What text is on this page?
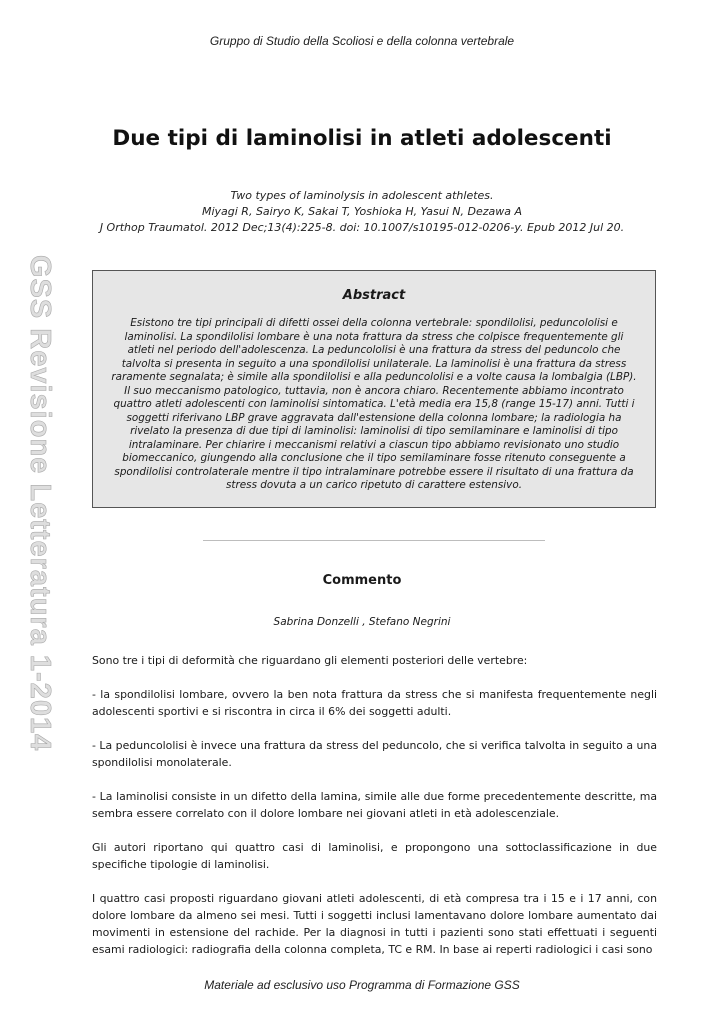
Gruppo di Studio della Scoliosi e della colonna vertebrale
Due tipi di laminolisi in atleti adolescenti
Two types of laminolysis in adolescent athletes.
Miyagi R, Sairyo K, Sakai T, Yoshioka H, Yasui N, Dezawa A
J Orthop Traumatol. 2012 Dec;13(4):225-8. doi: 10.1007/s10195-012-0206-y. Epub 2012 Jul 20.
GSS Revisione Letteratura 1-2014	Abstract
Esistono tre tipi principali di difetti ossei della colonna vertebrale: spondilolisi, peduncololisi e laminolisi. La spondilolisi lombare è una nota frattura da stress che colpisce frequentemente gli atleti nel periodo dell'adolescenza. La peduncololisi è una frattura da stress del peduncolo che talvolta si presenta in seguito a una spondilolisi unilaterale. La laminolisi è una frattura da stress raramente segnalata; è simile alla spondilolisi e alla peduncololisi e a volte causa la lombalgia (LBP). Il suo meccanismo patologico, tuttavia, non è ancora chiaro. Recentemente abbiamo incontrato quattro atleti adolescenti con laminolisi sintomatica. L'età media era 15,8 (range 15-17) anni. Tutti i soggetti riferivano LBP grave aggravata dall'estensione della colonna lombare; la radiologia ha rivelato la presenza di due tipi di laminolisi: laminolisi di tipo semilaminare e laminolisi di tipo intralaminare. Per chiarire i meccanismi relativi a ciascun tipo abbiamo revisionato uno studio biomeccanico, giungendo alla conclusione che il tipo semilaminare fosse ritenuto conseguente a spondilolisi controlaterale mentre il tipo intralaminare potrebbe essere il risultato di una frattura da stress dovuta a un carico ripetuto di carattere estensivo.
Commento
Sabrina Donzelli , Stefano Negrini

Sono tre i tipi di deformità che riguardano gli elementi posteriori delle vertebre:

- la spondilolisi lombare, ovvero la ben nota frattura da stress che si manifesta frequentemente negli adolescenti sportivi e si riscontra in circa il 6% dei soggetti adulti.

- La peduncololisi è invece una frattura da stress del peduncolo, che si verifica talvolta in seguito a una spondilolisi monolaterale.

- La laminolisi consiste in un difetto della lamina, simile alle due forme precedentemente descritte, ma sembra essere correlato con il dolore lombare nei giovani atleti in età adolescenziale.

Gli autori riportano qui quattro casi di laminolisi, e propongono una sottoclassificazione in due specifiche tipologie di laminolisi.

I quattro casi proposti riguardano giovani atleti adolescenti, di età compresa tra i 15 e i 17 anni, con dolore lombare da almeno sei mesi. Tutti i soggetti inclusi lamentavano dolore lombare aumentato dai movimenti in estensione del rachide. Per la diagnosi in tutti i pazienti sono stati effettuati i seguenti esami radiologici: radiografia della colonna completa, TC e RM. In base ai reperti radiologici i casi sono

Materiale ad esclusivo uso Programma di Formazione GSS
